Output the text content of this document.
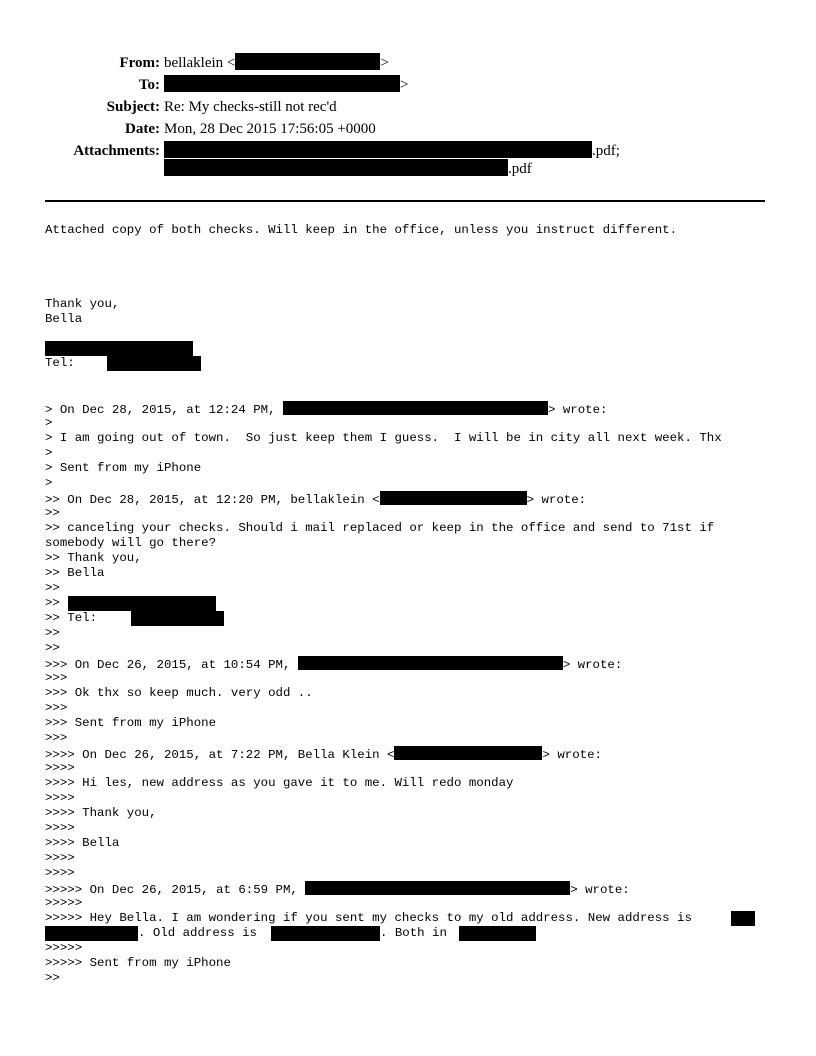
From: bellaklein <	>
To:	>
Subject: Re: My checks-still not rec'd
Date: Mon, 28 Dec 2015 17:56:05 +0000
Attachments:	.pdf;
.pdf
Attached copy of both checks. Will keep in the office, unless you instruct different.
Thank you,
Bella
Tel:
> On Dec 28, 2015, at 12:24 PM,	> wrote:
>
> I am going out of town.  So just keep them I guess.  I will be in city all next week. Thx
>
> Sent from my iPhone
>
>> On Dec 28, 2015, at 12:20 PM, bellaklein <	> wrote:
>>
>> canceling your checks. Should i mail replaced or keep in the office and send to 71st if
somebody will go there?
>> Thank you,
>> Bella
>>
>>
>> Tel:
>>
>>
>>> On Dec 26, 2015, at 10:54 PM,	> wrote:
>>>
>>> Ok thx so keep much. very odd ..
>>>
>>> Sent from my iPhone
>>>
>>>> On Dec 26, 2015, at 7:22 PM, Bella Klein <	> wrote:
>>>>
>>>> Hi les, new address as you gave it to me. Will redo monday
>>>>
>>>> Thank you,
>>>>
>>>> Bella
>>>>
>>>>
>>>>> On Dec 26, 2015, at 6:59 PM,	> wrote:
>>>>>
>>>>> Hey Bella. I am wondering if you sent my checks to my old address. New address is
. Old address is	. Both in
>>>>>
>>>>> Sent from my iPhone
>>
